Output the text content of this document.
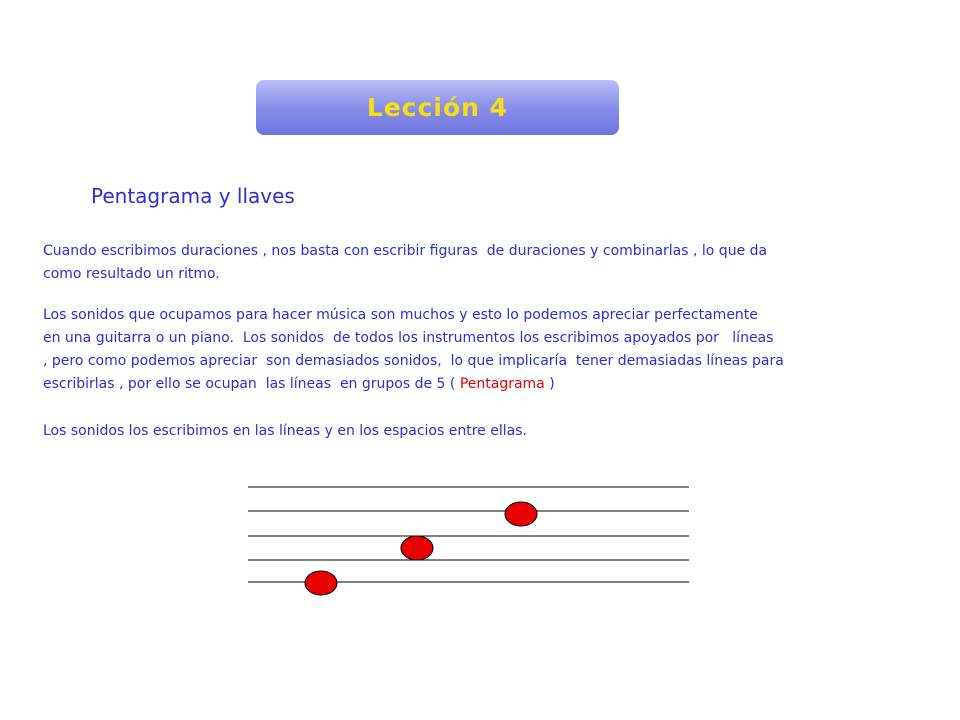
Lección 4
Pentagrama y llaves
Cuando escribimos duraciones , nos basta con escribir figuras  de duraciones y combinarlas , lo que da
como resultado un ritmo.
Los sonidos que ocupamos para hacer música son muchos y esto lo podemos apreciar perfectamente
en una guitarra o un piano.  Los sonidos  de todos los instrumentos los escribimos apoyados por   líneas
, pero como podemos apreciar  son demasiados sonidos,  lo que implicaría  tener demasiadas líneas para
escribirlas , por ello se ocupan  las líneas  en grupos de 5 ( Pentagrama )
Los sonidos los escribimos en las líneas y en los espacios entre ellas.
